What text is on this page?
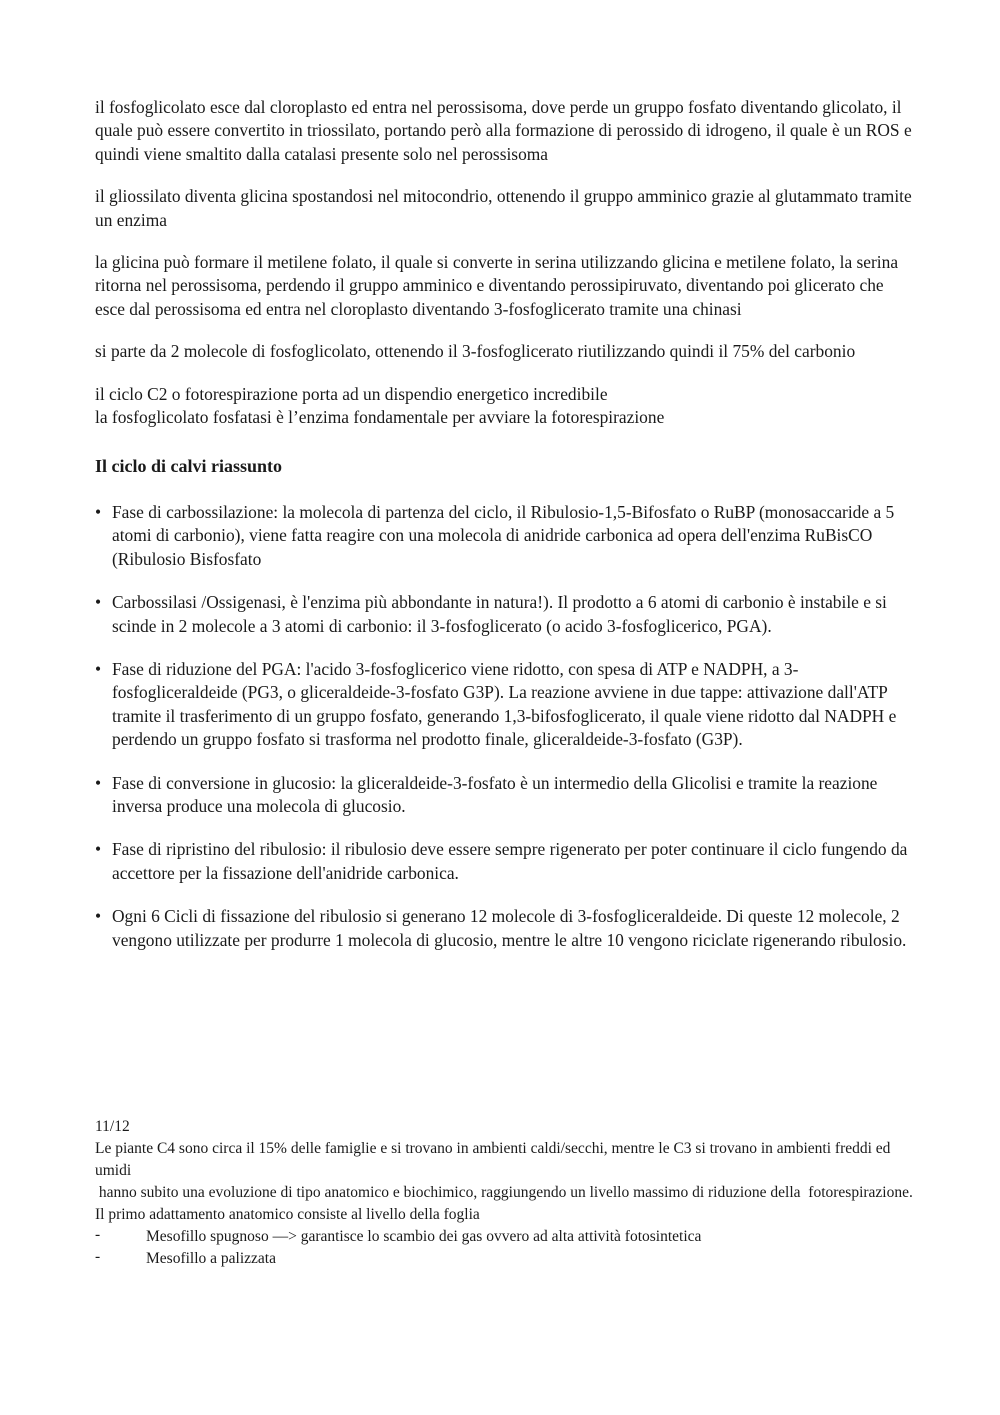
il fosfoglicolato esce dal cloroplasto ed entra nel perossisoma, dove perde un gruppo fosfato diventando glicolato, il quale può essere convertito in triossilato, portando però alla formazione di perossido di idrogeno, il quale è un ROS e quindi viene smaltito dalla catalasi presente solo nel perossisoma

il gliossilato diventa glicina spostandosi nel mitocondrio, ottenendo il gruppo amminico grazie al glutammato tramite un enzima

la glicina può formare il metilene folato, il quale si converte in serina utilizzando glicina e metilene folato, la serina ritorna nel perossisoma, perdendo il gruppo amminico e diventando perossipiruvato, diventando poi glicerato che esce dal perossisoma ed entra nel cloroplasto diventando 3-fosfoglicerato tramite una chinasi

si parte da 2 molecole di fosfoglicolato, ottenendo il 3-fosfoglicerato riutilizzando quindi il 75% del carbonio

il ciclo C2 o fotorespirazione porta ad un dispendio energetico incredibile
la fosfoglicolato fosfatasi è l’enzima fondamentale per avviare la fotorespirazione
Il ciclo di calvi riassunto
• Fase di carbossilazione: la molecola di partenza del ciclo, il Ribulosio-1,5-Bifosfato o RuBP (monosaccaride a 5 atomi di carbonio), viene fatta reagire con una molecola di anidride carbonica ad opera dell'enzima RuBisCO (Ribulosio Bisfosfato
• Carbossilasi /Ossigenasi, è l'enzima più abbondante in natura!). Il prodotto a 6 atomi di carbonio è instabile e si scinde in 2 molecole a 3 atomi di carbonio: il 3-fosfoglicerato (o acido 3-fosfoglicerico, PGA).
• Fase di riduzione del PGA: l'acido 3-fosfoglicerico viene ridotto, con spesa di ATP e NADPH, a 3-fosfogliceraldeide (PG3, o gliceraldeide-3-fosfato G3P). La reazione avviene in due tappe: attivazione dall'ATP tramite il trasferimento di un gruppo fosfato, generando 1,3-bifosfoglicerato, il quale viene ridotto dal NADPH e perdendo un gruppo fosfato si trasforma nel prodotto finale, gliceraldeide-3-fosfato (G3P).
• Fase di conversione in glucosio: la gliceraldeide-3-fosfato è un intermedio della Glicolisi e tramite la reazione inversa produce una molecola di glucosio.
• Fase di ripristino del ribulosio: il ribulosio deve essere sempre rigenerato per poter continuare il ciclo fungendo da accettore per la fissazione dell'anidride carbonica.
• Ogni 6 Cicli di fissazione del ribulosio si generano 12 molecole di 3-fosfogliceraldeide. Di queste 12 molecole, 2 vengono utilizzate per produrre 1 molecola di glucosio, mentre le altre 10 vengono riciclate rigenerando ribulosio.

11/12

Le piante C4 sono circa il 15% delle famiglie e si trovano in ambienti caldi/secchi, mentre le C3 si trovano in ambienti freddi ed umidi

hanno subito una evoluzione di tipo anatomico e biochimico, raggiungendo un livello massimo di riduzione della  fotorespirazione.

Il primo adattamento anatomico consiste al livello della foglia

-	Mesofillo spugnoso —> garantisce lo scambio dei gas ovvero ad alta attività fotosintetica
-	Mesofillo a palizzata
